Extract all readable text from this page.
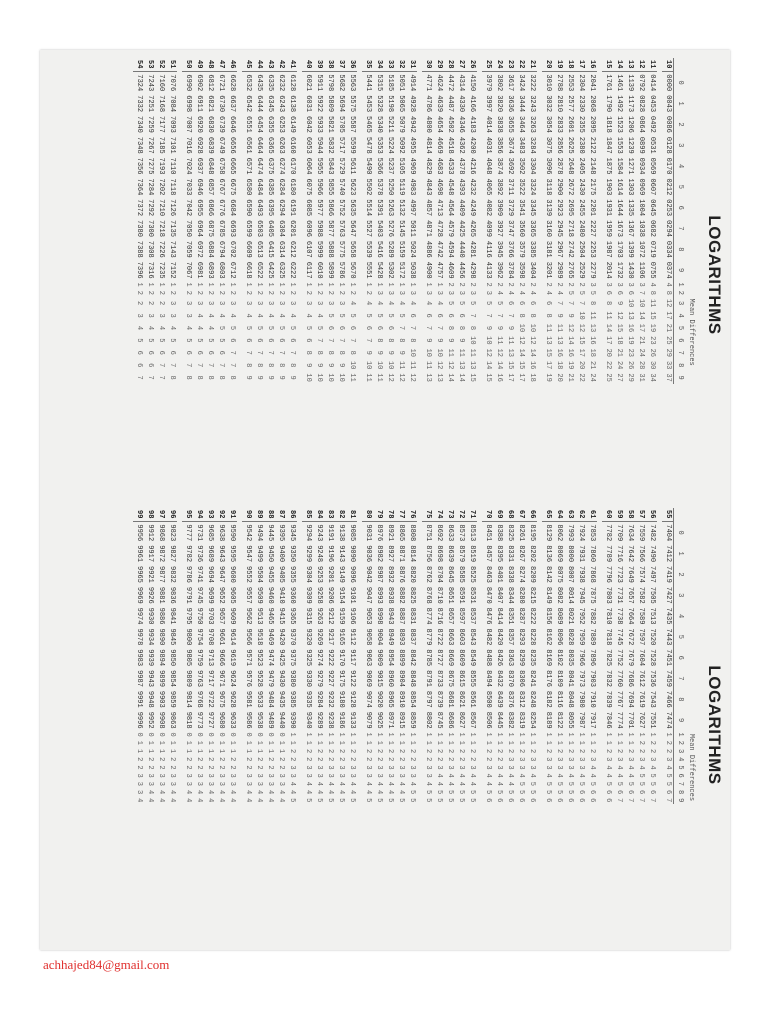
LOGARITHMS
											Mean Differences								
	0	1	2	3	4	5	6	7	8	9	1	2	3	4	5	6	7	8	9
10	0000	0043	0086	0128	0170	0212	0253	0294	0334	0374	4	8	12	17	21	25	29	33	37

11	0414	0453	0492	0531	0569	0607	0645	0682	0719	0755	4	8	11	15	19	23	26	30	34
12	0792	0828	0864	0899	0934	0969	1004	1038	1072	1106	3	7	10	14	17	21	24	28	31
13	1139	1173	1206	1239	1271	1303	1335	1367	1399	1430	3	6	10	13	16	19	23	26	29
14	1461	1492	1523	1553	1584	1614	1644	1673	1703	1732	3	6	9	12	15	18	21	24	27
15	1761	1790	1818	1847	1875	1903	1931	1959	1987	2014	3	6	8	11	14	17	20	22	25

16	2041	2068	2095	2122	2148	2175	2201	2227	2253	2279	3	5	8	11	13	16	18	21	24
17	2304	2330	2355	2380	2405	2430	2455	2480	2504	2529	2	5	7	10	12	15	17	20	22
18	2553	2577	2601	2625	2648	2672	2695	2718	2742	2765	2	5	7	9	12	14	16	19	21
19	2788	2810	2833	2856	2878	2900	2923	2945	2967	2989	2	4	7	9	11	13	16	18	20
20	3010	3032	3054	3075	3096	3118	3139	3160	3181	3201	2	4	6	8	11	13	15	17	19

21	3222	3243	3263	3284	3304	3324	3345	3365	3385	3404	2	4	6	8	10	12	14	16	18
22	3424	3444	3464	3483	3502	3522	3541	3560	3579	3598	2	4	6	8	10	12	14	15	17
23	3617	3636	3655	3674	3692	3711	3729	3747	3766	3784	2	4	6	7	9	11	13	15	17
24	3802	3820	3838	3856	3874	3892	3909	3927	3945	3962	2	4	5	7	9	11	12	14	16
25	3979	3997	4014	4031	4048	4065	4082	4099	4116	4133	2	3	5	7	9	10	12	14	15

26	4150	4166	4183	4200	4216	4232	4249	4265	4281	4298	2	3	5	7	8	10	11	13	15
27	4314	4330	4346	4362	4378	4393	4409	4425	4440	4456	2	3	5	6	8	9	11	13	14
28	4472	4487	4502	4518	4533	4548	4564	4579	4594	4609	2	3	5	6	8	9	11	12	14
29	4624	4639	4654	4669	4683	4698	4713	4728	4742	4757	1	3	4	6	7	9	10	12	13
30	4771	4786	4800	4814	4829	4843	4857	4871	4886	4900	1	3	4	6	7	9	10	11	13

31	4914	4928	4942	4955	4969	4983	4997	5011	5024	5038	1	3	4	6	7	8	10	11	12
32	5051	5065	5079	5092	5105	5119	5132	5145	5159	5172	1	3	4	5	7	8	9	11	12
33	5185	5198	5211	5224	5237	5250	5263	5276	5289	5302	1	3	4	5	6	8	9	10	12
34	5315	5328	5340	5353	5366	5378	5391	5403	5416	5428	1	3	4	5	6	8	9	10	11
35	5441	5453	5465	5478	5490	5502	5514	5527	5539	5551	1	2	4	5	6	7	9	10	11

36	5563	5575	5587	5599	5611	5623	5635	5647	5658	5670	1	2	4	5	6	7	8	10	11
37	5682	5694	5705	5717	5729	5740	5752	5763	5775	5786	1	2	3	5	6	7	8	9	10
38	5798	5809	5821	5832	5843	5855	5866	5877	5888	5899	1	2	3	5	6	7	8	9	10
39	5911	5922	5933	5944	5955	5966	5977	5988	5999	6010	1	2	3	4	5	7	8	9	10
40	6021	6031	6042	6053	6064	6075	6085	6096	6107	6117	1	2	3	4	5	6	8	9	10

41	6128	6138	6149	6160	6170	6180	6191	6201	6212	6222	1	2	3	4	5	6	7	8	9
42	6232	6243	6253	6263	6274	6284	6294	6304	6314	6325	1	2	3	4	5	6	7	8	9
43	6335	6345	6355	6365	6375	6385	6395	6405	6415	6425	1	2	3	4	5	6	7	8	9
44	6435	6444	6454	6464	6474	6484	6493	6503	6513	6522	1	2	3	4	5	6	7	8	9
45	6532	6542	6551	6561	6571	6580	6590	6599	6609	6618	1	2	3	4	5	6	7	8	9

46	6628	6637	6646	6656	6665	6675	6684	6693	6702	6712	1	2	3	4	5	6	7	7	8
47	6721	6730	6739	6749	6758	6767	6776	6785	6794	6803	1	2	3	4	5	5	6	7	8
48	6812	6821	6830	6839	6848	6857	6866	6875	6884	6893	1	2	3	4	4	5	6	7	8
49	6902	6911	6920	6928	6937	6946	6955	6964	6972	6981	1	2	3	4	4	5	6	7	8
50	6990	6998	7007	7016	7024	7033	7042	7050	7059	7067	1	2	3	3	4	5	6	7	8

51	7076	7084	7093	7101	7110	7118	7126	7135	7143	7152	1	2	3	3	4	5	6	7	8
52	7160	7168	7177	7185	7193	7202	7210	7218	7226	7235	1	2	2	3	4	5	6	7	7
53	7243	7251	7259	7267	7275	7284	7292	7300	7308	7316	1	2	2	3	4	5	6	6	7
54	7324	7332	7340	7348	7356	7364	7372	7380	7388	7396	1	2	2	3	4	5	6	6	7
LOGARITHMS
											Mean Differences								
	0	1	2	3	4	5	6	7	8	9	1	2	3	4	5	6	7	8	9
55	7404	7412	7419	7427	7435	7443	7451	7459	7466	7474	1	2	2	3	4	5	5	6	7

56	7482	7490	7497	7505	7513	7520	7528	7536	7543	7551	1	2	2	3	4	5	5	6	7
57	7559	7566	7574	7582	7589	7597	7604	7612	7619	7627	1	2	2	3	4	5	5	6	7
58	7634	7642	7649	7657	7664	7672	7679	7686	7694	7701	1	1	2	3	4	4	5	6	7
59	7709	7716	7723	7731	7738	7745	7752	7760	7767	7774	1	1	2	3	4	4	5	6	7
60	7782	7789	7796	7803	7810	7818	7825	7832	7839	7846	1	1	2	3	4	4	5	6	6

61	7853	7860	7868	7875	7882	7889	7896	7903	7910	7917	1	1	2	3	4	4	5	6	6
62	7924	7931	7938	7945	7952	7959	7966	7973	7980	7987	1	1	2	3	3	4	5	6	6
63	7993	8000	8007	8014	8021	8028	8035	8041	8048	8055	1	1	2	3	3	4	5	5	6
64	8062	8069	8075	8082	8089	8096	8102	8109	8116	8122	1	1	2	3	3	4	5	5	6
65	8129	8136	8142	8149	8156	8162	8169	8176	8182	8189	1	1	2	3	3	4	5	5	6

66	8195	8202	8209	8215	8222	8228	8235	8241	8248	8254	1	1	2	3	3	4	5	5	6
67	8261	8267	8274	8280	8287	8293	8299	8306	8312	8319	1	1	2	3	3	4	5	5	6
68	8325	8331	8338	8344	8351	8357	8363	8370	8376	8382	1	1	2	3	3	4	4	5	6
69	8388	8395	8401	8407	8414	8420	8426	8432	8439	8445	1	1	2	2	3	4	4	5	6
70	8451	8457	8463	8470	8476	8482	8488	8494	8500	8506	1	1	2	2	3	4	4	5	6

71	8513	8519	8525	8531	8537	8543	8549	8555	8561	8567	1	1	2	2	3	4	4	5	5
72	8573	8579	8585	8591	8597	8603	8609	8615	8621	8627	1	1	2	2	3	4	4	5	5
73	8633	8639	8645	8651	8657	8663	8669	8675	8681	8686	1	1	2	2	3	4	4	5	5
74	8692	8698	8704	8710	8716	8722	8727	8733	8739	8745	1	1	2	2	3	4	4	5	5
75	8751	8756	8762	8768	8774	8779	8785	8791	8797	8802	1	1	2	2	3	3	4	5	5

76	8808	8814	8820	8825	8831	8837	8842	8848	8854	8859	1	1	2	2	3	3	4	5	5
77	8865	8871	8876	8882	8887	8893	8899	8904	8910	8915	1	1	2	2	3	3	4	4	5
78	8921	8927	8932	8938	8943	8949	8954	8960	8965	8971	1	1	2	2	3	3	4	4	5
79	8976	8982	8987	8993	8998	9004	9009	9015	9020	9025	1	1	2	2	3	3	4	4	5
80	9031	9036	9042	9047	9053	9058	9063	9069	9074	9079	1	1	2	2	3	3	4	4	5

81	9085	9090	9096	9101	9106	9112	9117	9122	9128	9133	1	1	2	2	3	3	4	4	5
82	9138	9143	9149	9154	9159	9165	9170	9175	9180	9186	1	1	2	2	3	3	4	4	5
83	9191	9196	9201	9206	9212	9217	9222	9227	9232	9238	1	1	2	2	3	3	4	4	5
84	9243	9248	9253	9258	9263	9269	9274	9279	9284	9289	1	1	2	2	3	3	4	4	5
85	9294	9299	9304	9309	9315	9320	9325	9330	9335	9340	1	1	2	2	3	3	4	4	5

86	9345	9350	9355	9360	9365	9370	9375	9380	9385	9390	1	1	2	2	3	3	4	4	5
87	9395	9400	9405	9410	9415	9420	9425	9430	9435	9440	0	1	1	2	2	3	3	4	4
88	9445	9450	9455	9460	9465	9469	9474	9479	9484	9489	0	1	1	2	2	3	3	4	4
89	9494	9499	9504	9509	9513	9518	9523	9528	9533	9538	0	1	1	2	2	3	3	4	4
90	9542	9547	9552	9557	9562	9566	9571	9576	9581	9586	0	1	1	2	2	3	3	4	4

91	9590	9595	9600	9605	9609	9614	9619	9624	9628	9633	0	1	1	2	2	3	3	4	4
92	9638	9643	9647	9652	9657	9661	9666	9671	9675	9680	0	1	1	2	2	3	3	4	4
93	9685	9689	9694	9699	9703	9708	9713	9717	9722	9727	0	1	1	2	2	3	3	4	4
94	9731	9736	9741	9745	9750	9754	9759	9763	9768	9773	0	1	1	2	2	3	3	4	4
95	9777	9782	9786	9791	9795	9800	9805	9809	9814	9818	0	1	1	2	2	3	3	4	4

96	9823	9827	9832	9836	9841	9845	9850	9854	9859	9863	0	1	1	2	2	3	3	4	4
97	9868	9872	9877	9881	9886	9890	9894	9899	9903	9908	0	1	1	2	2	3	3	4	4
98	9912	9917	9921	9926	9930	9934	9939	9943	9948	9952	0	1	1	2	2	3	3	4	4
99	9956	9961	9965	9969	9974	9978	9983	9987	9991	9996	0	1	1	2	2	3	3	3	4
achhajed84@gmail.com
